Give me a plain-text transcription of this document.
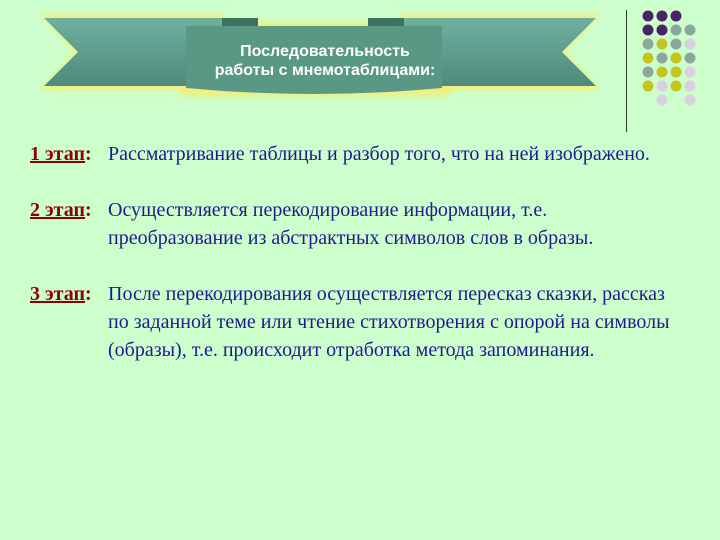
Последовательность
работы с мнемотаблицами:
1 этап: Рассматривание таблицы и разбор того, что на ней изображено.
2 этап: Осуществляется перекодирование информации, т.е. преобразование из абстрактных символов слов в образы.
3 этап: После перекодирования осуществляется пересказ сказки, рассказ по заданной теме или чтение стихотворения с опорой на символы (образы), т.е. происходит отработка метода запоминания.
